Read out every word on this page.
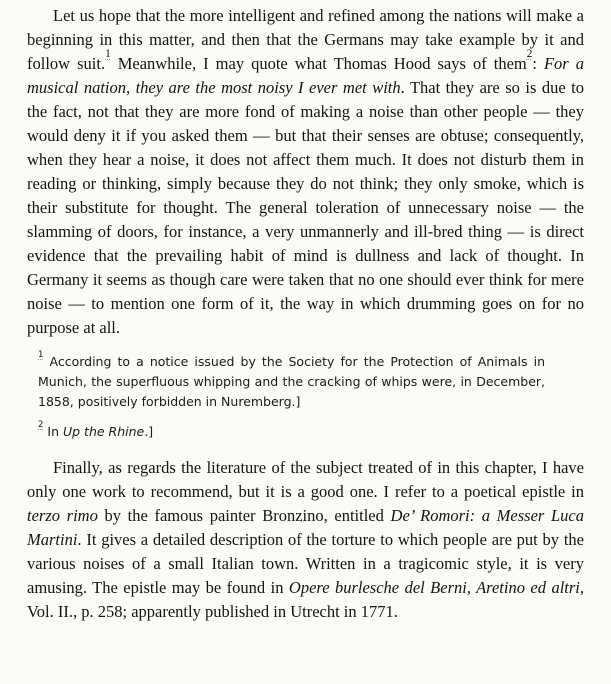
Let us hope that the more intelligent and refined among the nations will make a beginning in this matter, and then that the Germans may take example by it and follow suit.$^1$ Meanwhile, I may quote what Thomas Hood says of them$^2$: For a musical nation, they are the most noisy I ever met with. That they are so is due to the fact, not that they are more fond of making a noise than other people — they would deny it if you asked them — but that their senses are obtuse; consequently, when they hear a noise, it does not affect them much. It does not disturb them in reading or thinking, simply because they do not think; they only smoke, which is their substitute for thought. The general toleration of unnecessary noise — the slamming of doors, for instance, a very unmannerly and ill-bred thing — is direct evidence that the prevailing habit of mind is dullness and lack of thought. In Germany it seems as though care were taken that no one should ever think for mere noise — to mention one form of it, the way in which drumming goes on for no purpose at all.

$^1$ According to a notice issued by the Society for the Protection of Animals in Munich, the superfluous whipping and the cracking of whips were, in December, 1858, positively forbidden in Nuremberg.]

$^2$ In Up the Rhine.]

Finally, as regards the literature of the subject treated of in this chapter, I have only one work to recommend, but it is a good one. I refer to a poetical epistle in terzo rimo by the famous painter Bronzino, entitled De’ Romori: a Messer Luca Martini. It gives a detailed description of the torture to which people are put by the various noises of a small Italian town. Written in a tragicomic style, it is very amusing. The epistle may be found in Opere burlesche del Berni, Aretino ed altri, Vol. II., p. 258; apparently published in Utrecht in 1771.
